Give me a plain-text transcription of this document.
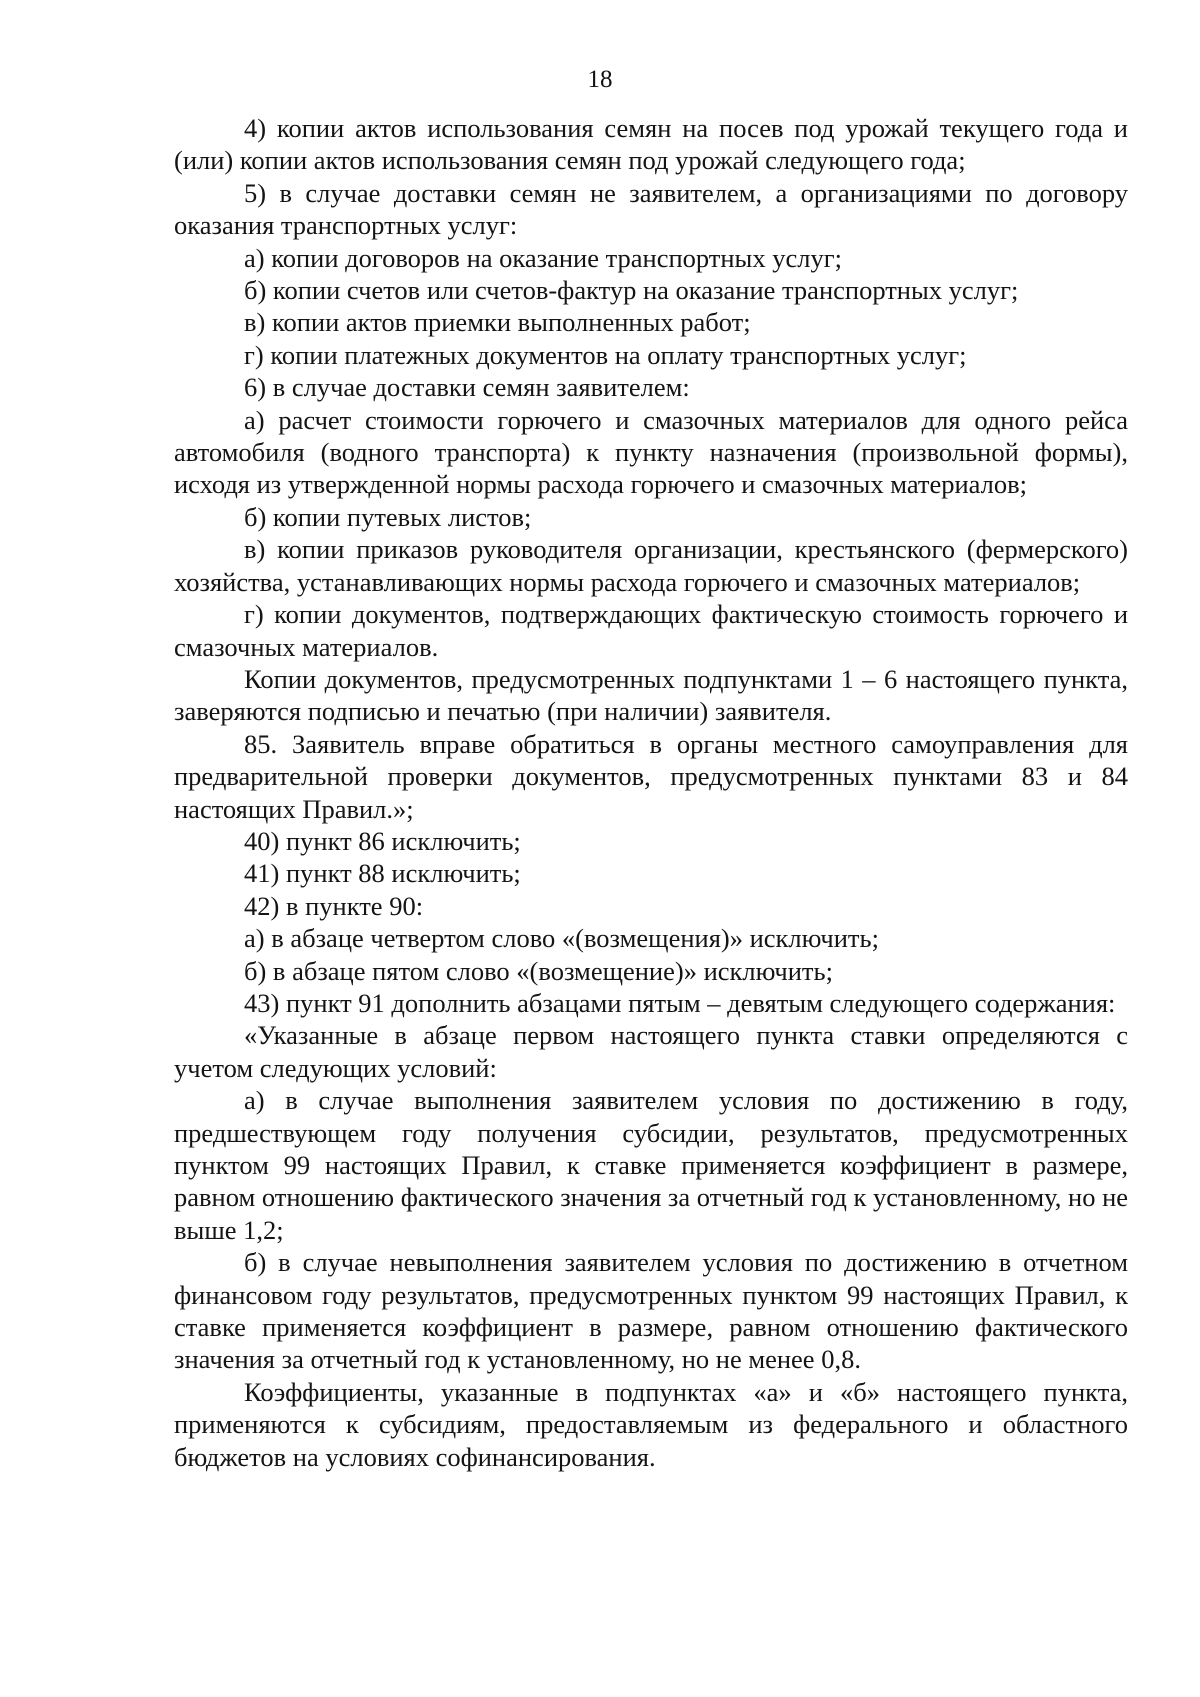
18

4) копии актов использования семян на посев под урожай текущего года и (или) копии актов использования семян под урожай следующего года;

5) в случае доставки семян не заявителем, а организациями по договору оказания транспортных услуг:

а) копии договоров на оказание транспортных услуг;

б) копии счетов или счетов-фактур на оказание транспортных услуг;

в) копии актов приемки выполненных работ;

г) копии платежных документов на оплату транспортных услуг;

6) в случае доставки семян заявителем:

а) расчет стоимости горючего и смазочных материалов для одного рейса автомобиля (водного транспорта) к пункту назначения (произвольной формы), исходя из утвержденной нормы расхода горючего и смазочных материалов;

б) копии путевых листов;

в) копии приказов руководителя организации, крестьянского (фермерского) хозяйства, устанавливающих нормы расхода горючего и смазочных материалов;

г) копии документов, подтверждающих фактическую стоимость горючего и смазочных материалов.

Копии документов, предусмотренных подпунктами 1 – 6 настоящего пункта, заверяются подписью и печатью (при наличии) заявителя.

85. Заявитель вправе обратиться в органы местного самоуправления для предварительной проверки документов, предусмотренных пунктами 83 и 84 настоящих Правил.»;

40) пункт 86 исключить;

41) пункт 88 исключить;

42) в пункте 90:

а) в абзаце четвертом слово «(возмещения)» исключить;

б) в абзаце пятом слово «(возмещение)» исключить;

43) пункт 91 дополнить абзацами пятым – девятым следующего содержания:

«Указанные в абзаце первом настоящего пункта ставки определяются с учетом следующих условий:

а) в случае выполнения заявителем условия по достижению в году, предшествующем году получения субсидии, результатов, предусмотренных пунктом 99 настоящих Правил, к ставке применяется коэффициент в размере, равном отношению фактического значения за отчетный год к установленному, но не выше 1,2;

б) в случае невыполнения заявителем условия по достижению в отчетном финансовом году результатов, предусмотренных пунктом 99 настоящих Правил, к ставке применяется коэффициент в размере, равном отношению фактического значения за отчетный год к установленному, но не менее 0,8.

Коэффициенты, указанные в подпунктах «а» и «б» настоящего пункта, применяются к субсидиям, предоставляемым из федерального и областного бюджетов на условиях софинансирования.
